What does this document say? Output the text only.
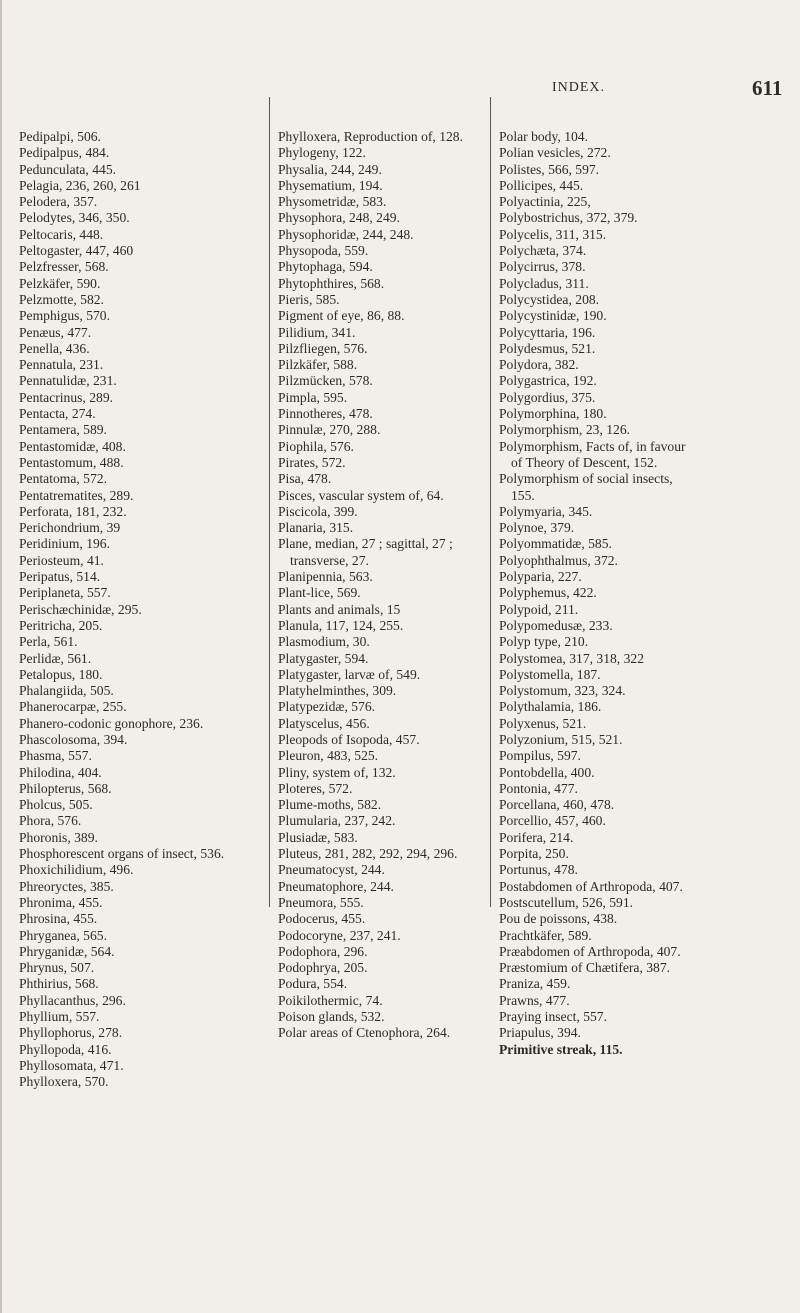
INDEX.	611

Pedipalpi, 506.

Pedipalpus, 484.

Pedunculata, 445.

Pelagia, 236, 260, 261

Pelodera, 357.

Pelodytes, 346, 350.

Peltocaris, 448.

Peltogaster, 447, 460

Pelzfresser, 568.

Pelzkäfer, 590.

Pelzmotte, 582.

Pemphigus, 570.

Penæus, 477.

Penella, 436.

Pennatula, 231.

Pennatulidæ, 231.

Pentacrinus, 289.

Pentacta, 274.

Pentamera, 589.

Pentastomidæ, 408.

Pentastomum, 488.

Pentatoma, 572.

Pentatrematites, 289.

Perforata, 181, 232.

Perichondrium, 39

Peridinium, 196.

Periosteum, 41.

Peripatus, 514.

Periplaneta, 557.

Perischæchinidæ, 295.

Peritricha, 205.

Perla, 561.

Perlidæ, 561.

Petalopus, 180.

Phalangiida, 505.

Phanerocarpæ, 255.

Phanero-codonic gonophore, 236.

Phascolosoma, 394.

Phasma, 557.

Philodina, 404.

Philopterus, 568.

Pholcus, 505.

Phora, 576.

Phoronis, 389.

Phosphorescent organs of insect, 536.

Phoxichilidium, 496.

Phreoryctes, 385.

Phronima, 455.

Phrosina, 455.

Phryganea, 565.

Phryganidæ, 564.

Phrynus, 507.

Phthirius, 568.

Phyllacanthus, 296.

Phyllium, 557.

Phyllophorus, 278.

Phyllopoda, 416.

Phyllosomata, 471.

Phylloxera, 570.

Phylloxera, Reproduction of, 128.

Phylogeny, 122.

Physalia, 244, 249.

Physematium, 194.

Physometridæ, 583.

Physophora, 248, 249.

Physophoridæ, 244, 248.

Physopoda, 559.

Phytophaga, 594.

Phytophthires, 568.

Pieris, 585.

Pigment of eye, 86, 88.

Pilidium, 341.

Pilzfliegen, 576.

Pilzkäfer, 588.

Pilzmücken, 578.

Pimpla, 595.

Pinnotheres, 478.

Pinnulæ, 270, 288.

Piophila, 576.

Pirates, 572.

Pisa, 478.

Pisces, vascular system of, 64.

Piscicola, 399.

Planaria, 315.

Plane, median, 27 ; sagittal, 27 ; transverse, 27.

Planipennia, 563.

Plant-lice, 569.

Plants and animals, 15

Planula, 117, 124, 255.

Plasmodium, 30.

Platygaster, 594.

Platygaster, larvæ of, 549.

Platyhelminthes, 309.

Platypezidæ, 576.

Platyscelus, 456.

Pleopods of Isopoda, 457.

Pleuron, 483, 525.

Pliny, system of, 132.

Ploteres, 572.

Plume-moths, 582.

Plumularia, 237, 242.

Plusiadæ, 583.

Pluteus, 281, 282, 292, 294, 296.

Pneumatocyst, 244.

Pneumatophore, 244.

Pneumora, 555.

Podocerus, 455.

Podocoryne, 237, 241.

Podophora, 296.

Podophrya, 205.

Podura, 554.

Poikilothermic, 74.

Poison glands, 532.

Polar areas of Ctenophora, 264.

Polar body, 104.

Polian vesicles, 272.

Polistes, 566, 597.

Pollicipes, 445.

Polyactinia, 225,

Polybostrichus, 372, 379.

Polycelis, 311, 315.

Polychæta, 374.

Polycirrus, 378.

Polycladus, 311.

Polycystidea, 208.

Polycystinidæ, 190.

Polycyttaria, 196.

Polydesmus, 521.

Polydora, 382.

Polygastrica, 192.

Polygordius, 375.

Polymorphina, 180.

Polymorphism, 23, 126.

Polymorphism, Facts of, in favour of Theory of Descent, 152.

Polymorphism of social insects, 155.

Polymyaria, 345.

Polynoe, 379.

Polyommatidæ, 585.

Polyophthalmus, 372.

Polyparia, 227.

Polyphemus, 422.

Polypoid, 211.

Polypomedusæ, 233.

Polyp type, 210.

Polystomea, 317, 318, 322

Polystomella, 187.

Polystomum, 323, 324.

Polythalamia, 186.

Polyxenus, 521.

Polyzonium, 515, 521.

Pompilus, 597.

Pontobdella, 400.

Pontonia, 477.

Porcellana, 460, 478.

Porcellio, 457, 460.

Porifera, 214.

Porpita, 250.

Portunus, 478.

Postabdomen of Arthropoda, 407.

Postscutellum, 526, 591.

Pou de poissons, 438.

Prachtkäfer, 589.

Præabdomen of Arthropoda, 407.

Præstomium of Chætifera, 387.

Praniza, 459.

Prawns, 477.

Praying insect, 557.

Priapulus, 394.

Primitive streak, 115.
